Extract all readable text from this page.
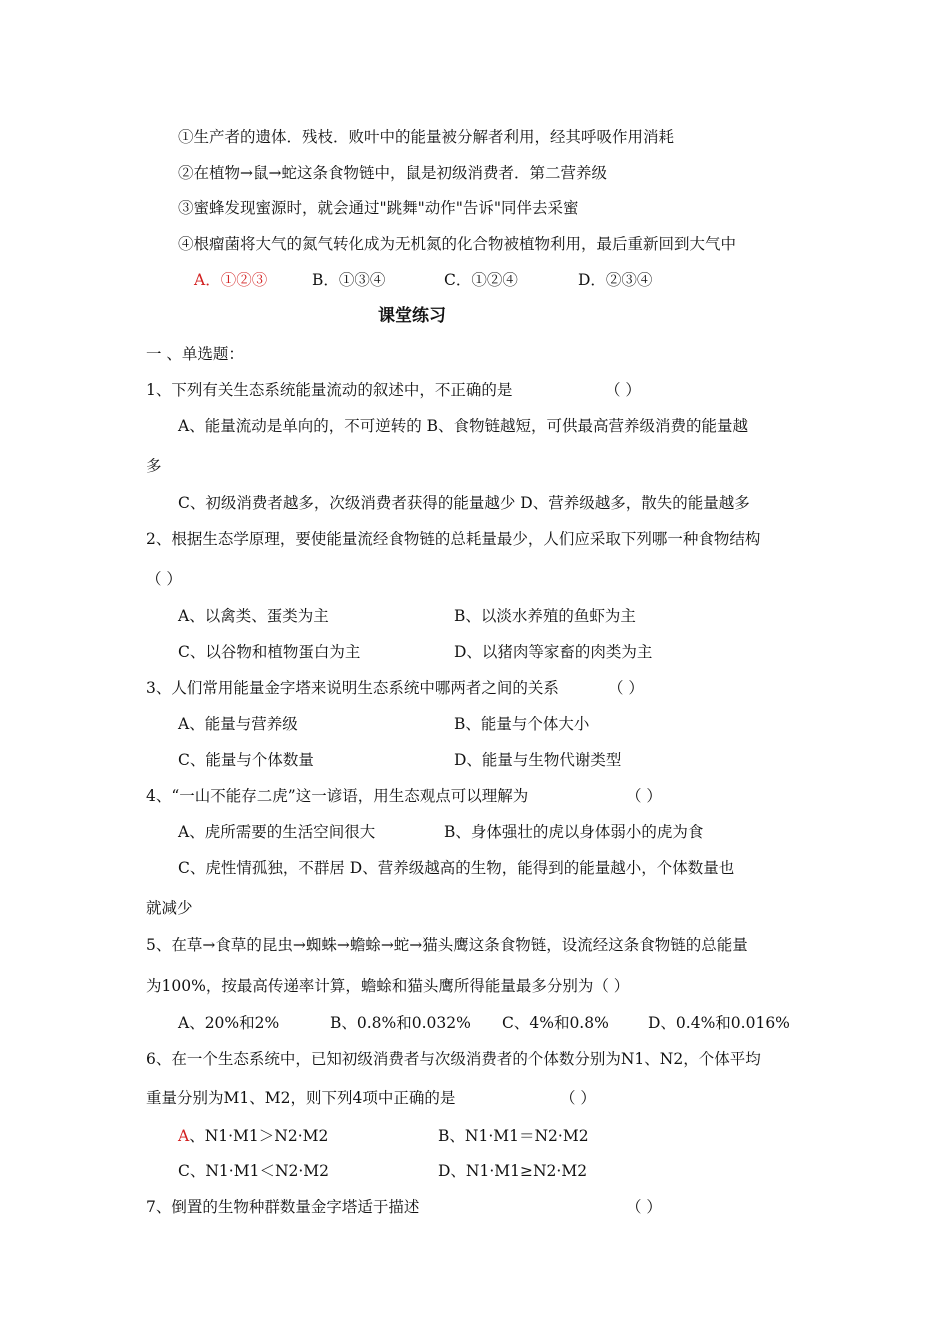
①生产者的遗体．残枝．败叶中的能量被分解者利用，经其呼吸作用消耗
②在植物→鼠→蛇这条食物链中，鼠是初级消费者．第二营养级
③蜜蜂发现蜜源时，就会通过"跳舞"动作"告诉"同伴去采蜜
④根瘤菌将大气的氮气转化成为无机氮的化合物被植物利用，最后重新回到大气中
A．①②③	B．①③④	C．①②④	D．②③④
课堂练习
一 、单选题：
1、下列有关生态系统能量流动的叙述中，不正确的是	（ ）
A、能量流动是单向的，不可逆转的 B、食物链越短，可供最高营养级消费的能量越
多
C、初级消费者越多，次级消费者获得的能量越少 D、营养级越多，散失的能量越多
2、根据生态学原理，要使能量流经食物链的总耗量最少，人们应采取下列哪一种食物结构
（ ）
A、以禽类、蛋类为主	B、以淡水养殖的鱼虾为主
C、以谷物和植物蛋白为主	D、以猪肉等家畜的肉类为主
3、人们常用能量金字塔来说明生态系统中哪两者之间的关系	（ ）
A、能量与营养级	B、能量与个体大小
C、能量与个体数量	D、能量与生物代谢类型
4、“一山不能存二虎”这一谚语，用生态观点可以理解为	（ ）
A、虎所需要的生活空间很大	B、身体强壮的虎以身体弱小的虎为食
C、虎性情孤独，不群居 D、营养级越高的生物，能得到的能量越小，个体数量也
就减少
5、在草→食草的昆虫→蜘蛛→蟾蜍→蛇→猫头鹰这条食物链，设流经这条食物链的总能量
为100%，按最高传递率计算，蟾蜍和猫头鹰所得能量最多分别为（ ）
A、20%和2%	B、0.8%和0.032% C、4%和0.8%	D、0.4%和0.016%
6、在一个生态系统中，已知初级消费者与次级消费者的个体数分别为N1、N2，个体平均
重量分别为M1、M2，则下列4项中正确的是	（ ）
A、N1·M1＞N2·M2	B、N1·M1＝N2·M2
C、N1·M1＜N2·M2	D、N1·M1≥N2·M2
7、倒置的生物种群数量金字塔适于描述	（ ）
